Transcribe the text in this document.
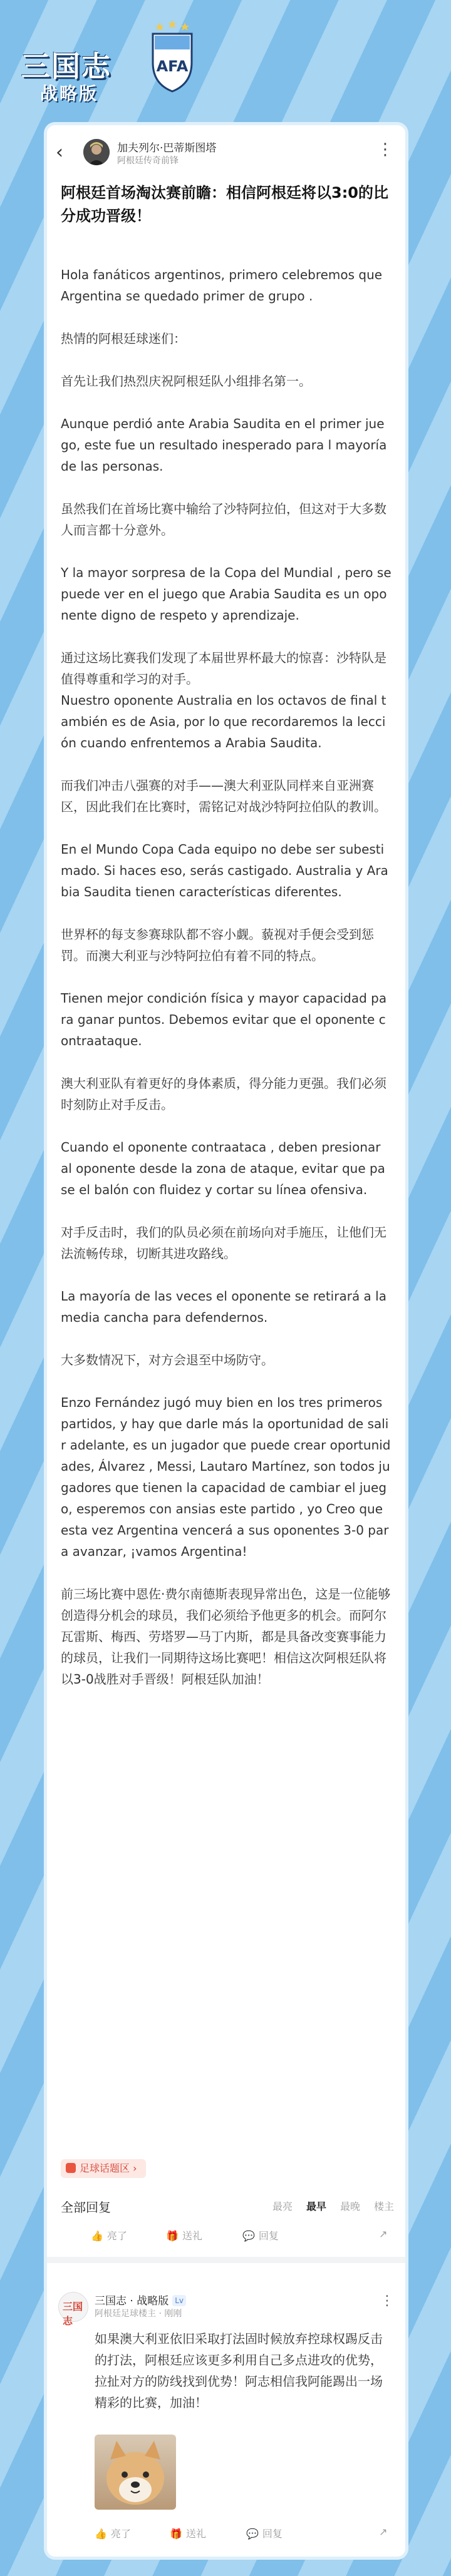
三国志
战略版
AFA
‹	加夫列尔·巴蒂斯图塔
阿根廷传奇前锋
⋮
阿根廷首场淘汰赛前瞻：相信阿根廷将以3:0的比分成功晋级！

Hola fanáticos argentinos, primero celebremos que Argentina se quedado primer de grupo .

热情的阿根廷球迷们：

首先让我们热烈庆祝阿根廷队小组排名第一。

Aunque perdió ante Arabia Saudita en el primer juego, este fue un resultado inesperado para l mayoría de las personas.

虽然我们在首场比赛中输给了沙特阿拉伯，但这对于大多数人而言都十分意外。

Y la mayor sorpresa de la Copa del Mundial , pero se puede ver en el juego que Arabia Saudita es un oponente digno de respeto y aprendizaje.

通过这场比赛我们发现了本届世界杯最大的惊喜：沙特队是值得尊重和学习的对手。
Nuestro oponente Australia en los octavos de final también es de Asia, por lo que recordaremos la lección cuando enfrentemos a Arabia Saudita.

而我们冲击八强赛的对手——澳大利亚队同样来自亚洲赛区，因此我们在比赛时，需铭记对战沙特阿拉伯队的教训。

En el Mundo Copa Cada equipo no debe ser subestimado. Si haces eso, serás castigado. Australia y Arabia Saudita tienen características diferentes.

世界杯的每支参赛球队都不容小觑。藐视对手便会受到惩罚。而澳大利亚与沙特阿拉伯有着不同的特点。

Tienen mejor condición física y mayor capacidad para ganar puntos. Debemos evitar que el oponente contraataque.

澳大利亚队有着更好的身体素质，得分能力更强。我们必须时刻防止对手反击。

Cuando el oponente contraataca , deben presionar al oponente desde la zona de ataque, evitar que pase el balón con fluidez y cortar su línea ofensiva.

对手反击时，我们的队员必须在前场向对手施压，让他们无法流畅传球，切断其进攻路线。

La mayoría de las veces el oponente se retirará a la media cancha para defendernos.

大多数情况下，对方会退至中场防守。

Enzo Fernández jugó muy bien en los tres primeros partidos, y hay que darle más la oportunidad de salir adelante, es un jugador que puede crear oportunidades, Álvarez , Messi, Lautaro Martínez, son todos jugadores que tienen la capacidad de cambiar el juego, esperemos con ansias este partido , yo Creo que esta vez Argentina vencerá a sus oponentes 3-0 para avanzar, ¡vamos Argentina!

前三场比赛中恩佐·费尔南德斯表现异常出色，这是一位能够创造得分机会的球员，我们必须给予他更多的机会。而阿尔瓦雷斯、梅西、劳塔罗—马丁内斯，都是具备改变赛事能力的球员，让我们一同期待这场比赛吧！相信这次阿根廷队将以3-0战胜对手晋级！阿根廷队加油！

足球话题区 ›
全部回复	最亮 最早 最晚 楼主
👍 亮了	🎁 送礼	💬 回复	↗
三国志
三国志 · 战略版 Lv
阿根廷足球楼主 · 刚刚
⋮
如果澳大利亚依旧采取打法固时候放弃控球权踢反击的打法，阿根廷应该更多利用自己多点进攻的优势，拉扯对方的防线找到优势！阿志相信我阿能踢出一场精彩的比赛，加油！
👍 亮了	🎁 送礼	💬 回复	↗
